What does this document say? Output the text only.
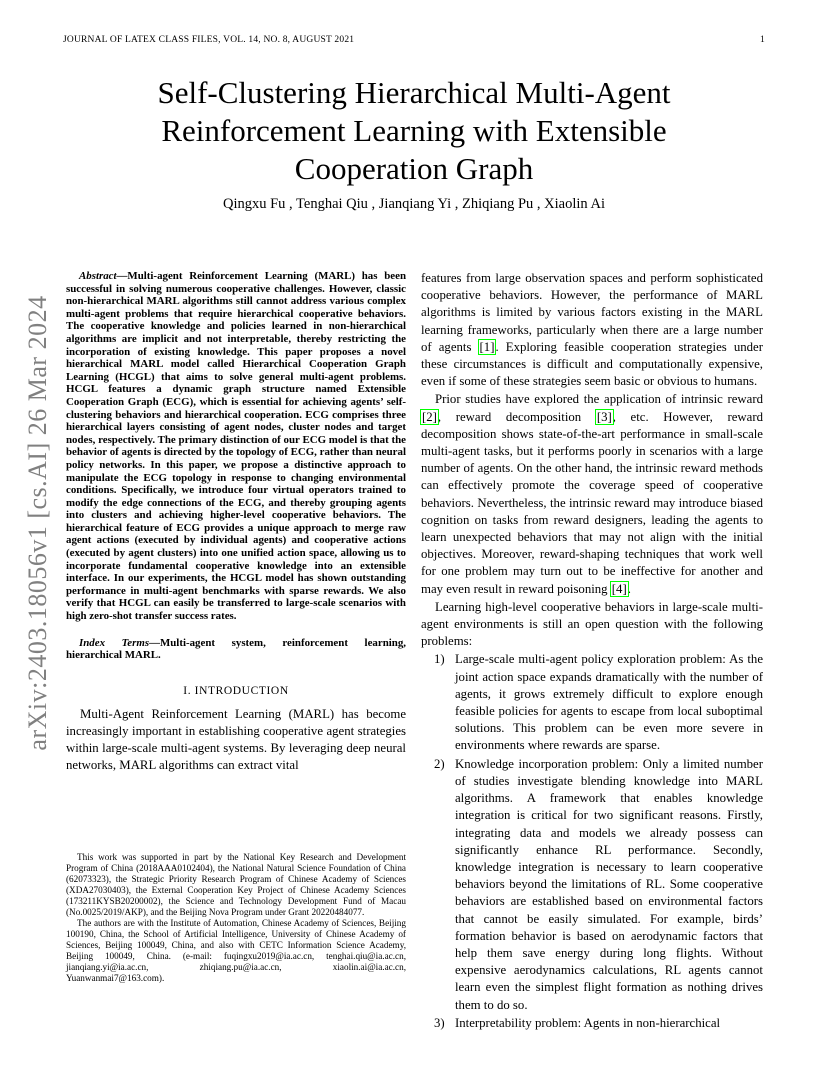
JOURNAL OF LATEX CLASS FILES, VOL. 14, NO. 8, AUGUST 2021	1
arXiv:2403.18056v1 [cs.AI] 26 Mar 2024
Self-Clustering Hierarchical Multi-Agent
Reinforcement Learning with Extensible
Cooperation Graph
Qingxu Fu , Tenghai Qiu , Jianqiang Yi , Zhiqiang Pu , Xiaolin Ai

Abstract—Multi-agent Reinforcement Learning (MARL) has been successful in solving numerous cooperative challenges. However, classic non-hierarchical MARL algorithms still cannot address various complex multi-agent problems that require hierarchical cooperative behaviors. The cooperative knowledge and policies learned in non-hierarchical algorithms are implicit and not interpretable, thereby restricting the incorporation of existing knowledge. This paper proposes a novel hierarchical MARL model called Hierarchical Cooperation Graph Learning (HCGL) that aims to solve general multi-agent problems. HCGL features a dynamic graph structure named Extensible Cooperation Graph (ECG), which is essential for achieving agents’ self-clustering behaviors and hierarchical cooperation. ECG comprises three hierarchical layers consisting of agent nodes, cluster nodes and target nodes, respectively. The primary distinction of our ECG model is that the behavior of agents is directed by the topology of ECG, rather than neural policy networks. In this paper, we propose a distinctive approach to manipulate the ECG topology in response to changing environmental conditions. Specifically, we introduce four virtual operators trained to modify the edge connections of the ECG, and thereby grouping agents into clusters and achieving higher-level cooperative behaviors. The hierarchical feature of ECG provides a unique approach to merge raw agent actions (executed by individual agents) and cooperative actions (executed by agent clusters) into one unified action space, allowing us to incorporate fundamental cooperative knowledge into an extensible interface. In our experiments, the HCGL model has shown outstanding performance in multi-agent benchmarks with sparse rewards. We also verify that HCGL can easily be transferred to large-scale scenarios with high zero-shot transfer success rates.

Index Terms—Multi-agent system, reinforcement learning, hierarchical MARL.

I. INTRODUCTION

Multi-Agent Reinforcement Learning (MARL) has become increasingly important in establishing cooperative agent strategies within large-scale multi-agent systems. By leveraging deep neural networks, MARL algorithms can extract vital

This work was supported in part by the National Key Research and Development Program of China (2018AAA0102404), the National Natural Science Foundation of China (62073323), the Strategic Priority Research Program of Chinese Academy of Sciences (XDA27030403), the External Cooperation Key Project of Chinese Academy Sciences (173211KYSB20200002), the Science and Technology Development Fund of Macau (No.0025/2019/AKP), and the Beijing Nova Program under Grant 20220484077.

The authors are with the Institute of Automation, Chinese Academy of Sciences, Beijing 100190, China, the School of Artificial Intelligence, University of Chinese Academy of Sciences, Beijing 100049, China, and also with CETC Information Science Academy, Beijing 100049, China. (e-mail: fuqingxu2019@ia.ac.cn, tenghai.qiu@ia.ac.cn, jianqiang.yi@ia.ac.cn, zhiqiang.pu@ia.ac.cn, xiaolin.ai@ia.ac.cn, Yuanwanmai7@163.com).

features from large observation spaces and perform sophisticated cooperative behaviors. However, the performance of MARL algorithms is limited by various factors existing in the MARL learning frameworks, particularly when there are a large number of agents [1]. Exploring feasible cooperation strategies under these circumstances is difficult and computationally expensive, even if some of these strategies seem basic or obvious to humans.

Prior studies have explored the application of intrinsic reward [2], reward decomposition [3], etc. However, reward decomposition shows state-of-the-art performance in small-scale multi-agent tasks, but it performs poorly in scenarios with a large number of agents. On the other hand, the intrinsic reward methods can effectively promote the coverage speed of cooperative behaviors. Nevertheless, the intrinsic reward may introduce biased cognition on tasks from reward designers, leading the agents to learn unexpected behaviors that may not align with the initial objectives. Moreover, reward-shaping techniques that work well for one problem may turn out to be ineffective for another and may even result in reward poisoning [4].

Learning high-level cooperative behaviors in large-scale multi-agent environments is still an open question with the following problems:

1) Large-scale multi-agent policy exploration problem: As the joint action space expands dramatically with the number of agents, it grows extremely difficult to explore enough feasible policies for agents to escape from local suboptimal solutions. This problem can be even more severe in environments where rewards are sparse.
2) Knowledge incorporation problem: Only a limited number of studies investigate blending knowledge into MARL algorithms. A framework that enables knowledge integration is critical for two significant reasons. Firstly, integrating data and models we already possess can significantly enhance RL performance. Secondly, knowledge integration is necessary to learn cooperative behaviors beyond the limitations of RL. Some cooperative behaviors are established based on environmental factors that cannot be easily simulated. For example, birds’ formation behavior is based on aerodynamic factors that help them save energy during long flights. Without expensive aerodynamics calculations, RL agents cannot learn even the simplest flight formation as nothing drives them to do so.
3) Interpretability problem: Agents in non-hierarchical
